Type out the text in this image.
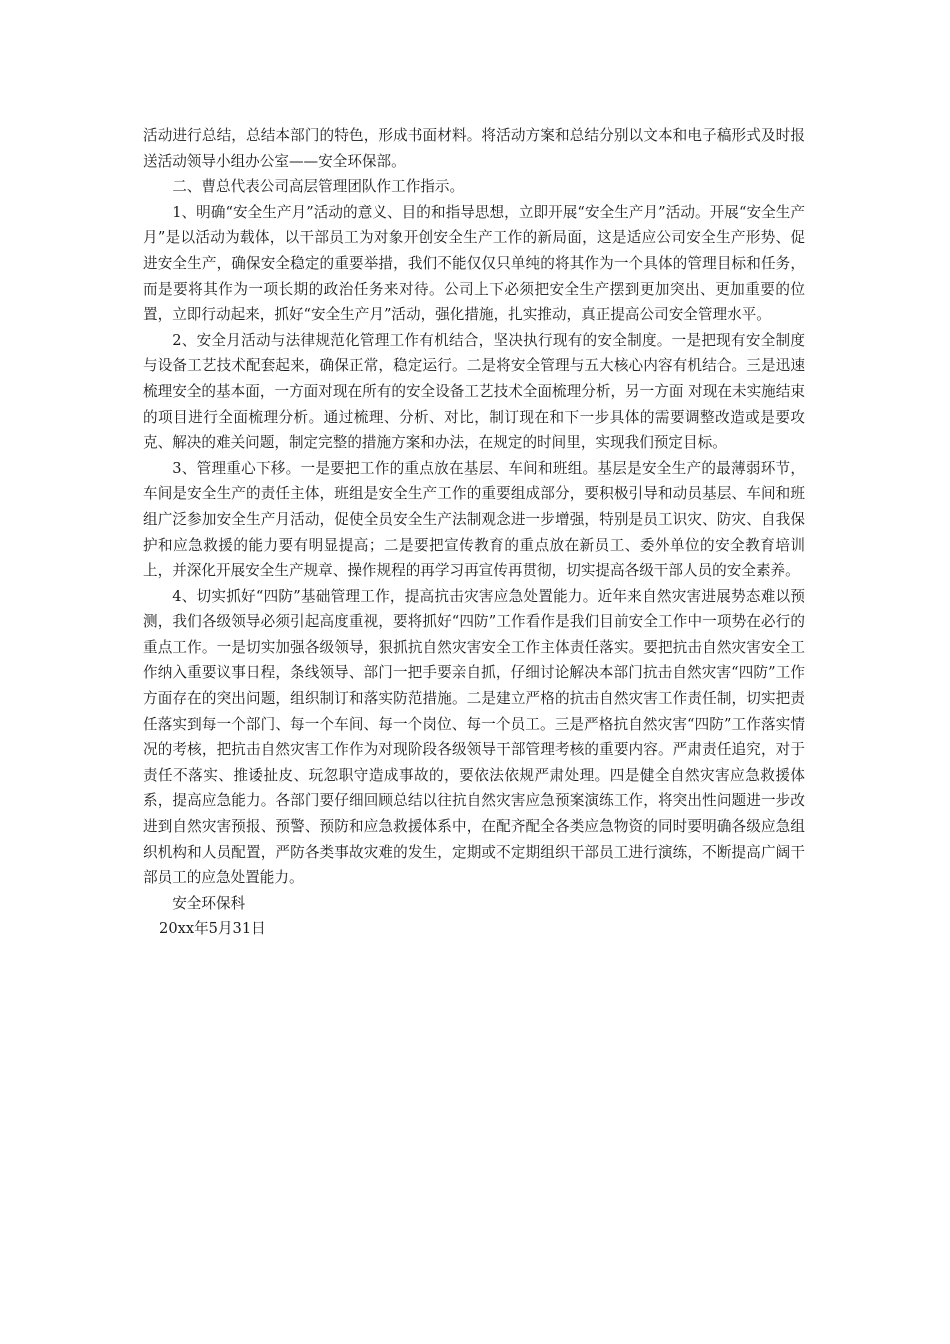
活动进行总结，总结本部门的特色，形成书面材料。将活动方案和总结分别以文本和电子稿形式及时报送活动领导小组办公室——安全环保部。

二、曹总代表公司高层管理团队作工作指示。

1、明确“安全生产月”活动的意义、目的和指导思想，立即开展“安全生产月”活动。开展“安全生产月”是以活动为载体，以干部员工为对象开创安全生产工作的新局面，这是适应公司安全生产形势、促进安全生产，确保安全稳定的重要举措，我们不能仅仅只单纯的将其作为一个具体的管理目标和任务，而是要将其作为一项长期的政治任务来对待。公司上下必须把安全生产摆到更加突出、更加重要的位置，立即行动起来，抓好“安全生产月”活动，强化措施，扎实推动，真正提高公司安全管理水平。

2、安全月活动与法律规范化管理工作有机结合，坚决执行现有的安全制度。一是把现有安全制度与设备工艺技术配套起来，确保正常，稳定运行。二是将安全管理与五大核心内容有机结合。三是迅速梳理安全的基本面，一方面对现在所有的安全设备工艺技术全面梳理分析，另一方面 对现在未实施结束的项目进行全面梳理分析。通过梳理、分析、对比，制订现在和下一步具体的需要调整改造或是要攻克、解决的难关问题，制定完整的措施方案和办法，在规定的时间里，实现我们预定目标。

3、管理重心下移。一是要把工作的重点放在基层、车间和班组。基层是安全生产的最薄弱环节，车间是安全生产的责任主体，班组是安全生产工作的重要组成部分，要积极引导和动员基层、车间和班组广泛参加安全生产月活动，促使全员安全生产法制观念进一步增强，特别是员工识灾、防灾、自我保护和应急救援的能力要有明显提高；二是要把宣传教育的重点放在新员工、委外单位的安全教育培训上，并深化开展安全生产规章、操作规程的再学习再宣传再贯彻，切实提高各级干部人员的安全素养。

4、切实抓好“四防”基础管理工作，提高抗击灾害应急处置能力。近年来自然灾害进展势态难以预测，我们各级领导必须引起高度重视，要将抓好“四防”工作看作是我们目前安全工作中一项势在必行的重点工作。一是切实加强各级领导，狠抓抗自然灾害安全工作主体责任落实。要把抗击自然灾害安全工作纳入重要议事日程，条线领导、部门一把手要亲自抓，仔细讨论解决本部门抗击自然灾害“四防”工作方面存在的突出问题，组织制订和落实防范措施。二是建立严格的抗击自然灾害工作责任制，切实把责任落实到每一个部门、每一个车间、每一个岗位、每一个员工。三是严格抗自然灾害“四防”工作落实情况的考核，把抗击自然灾害工作作为对现阶段各级领导干部管理考核的重要内容。严肃责任追究，对于责任不落实、推诿扯皮、玩忽职守造成事故的，要依法依规严肃处理。四是健全自然灾害应急救援体系，提高应急能力。各部门要仔细回顾总结以往抗自然灾害应急预案演练工作，将突出性问题进一步改进到自然灾害预报、预警、预防和应急救援体系中，在配齐配全各类应急物资的同时要明确各级应急组织机构和人员配置，严防各类事故灾难的发生，定期或不定期组织干部员工进行演练，不断提高广阔干部员工的应急处置能力。

安全环保科

20xx年5月31日
